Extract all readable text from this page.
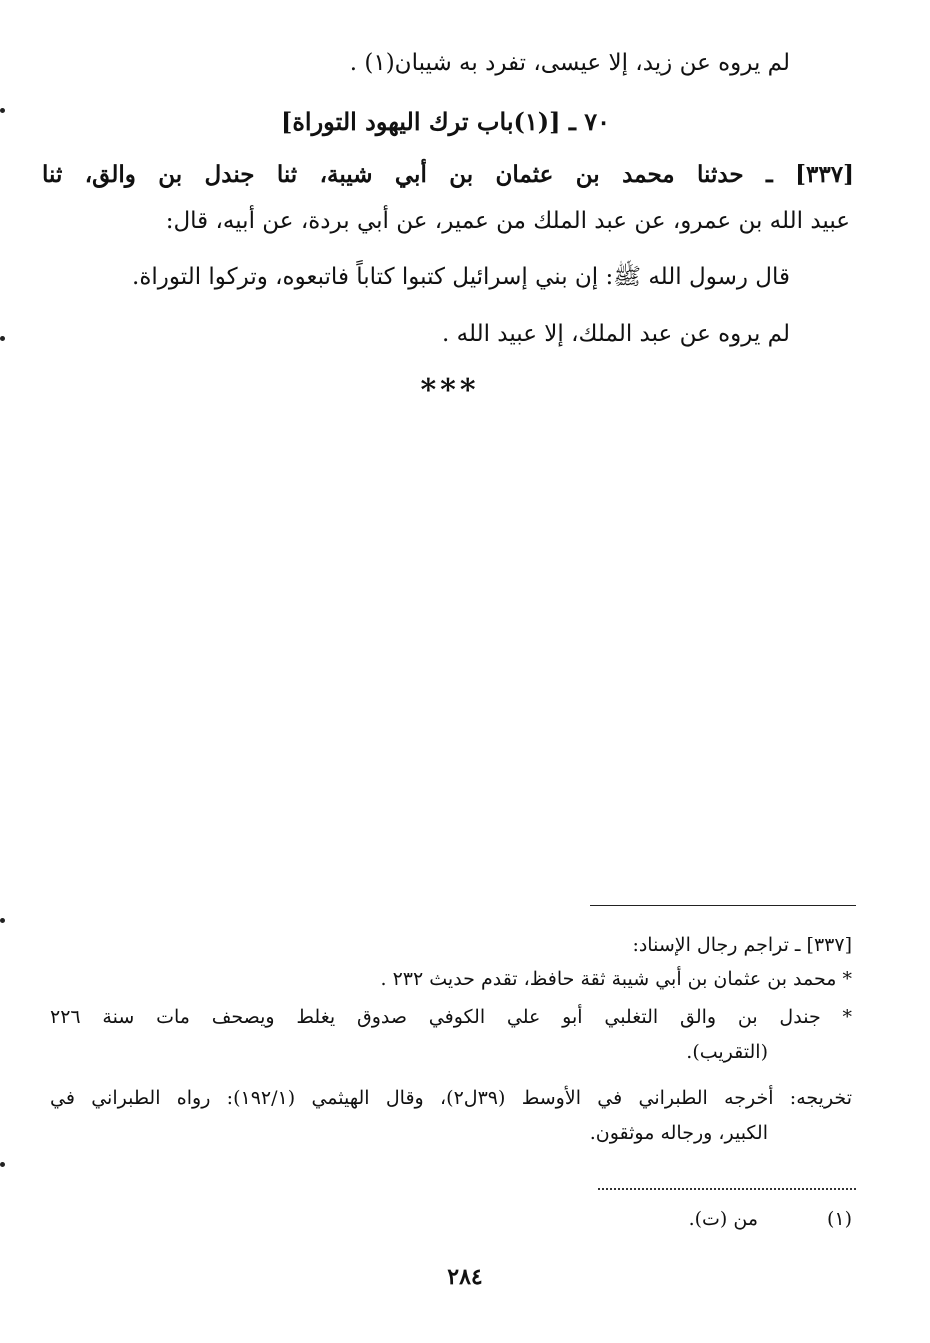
لم يروه عن زيد، إلا عيسى، تفرد به شيبان(١) .
٧٠ ـ [(١)باب ترك اليهود التوراة]
[٣٣٧] ـ حدثنا محمد بن عثمان بن أبي شيبة، ثنا جندل بن والق، ثنا
عبيد الله بن عمرو، عن عبد الملك من عمير، عن أبي بردة، عن أبيه، قال:
قال رسول الله ﷺ: إن بني إسرائيل كتبوا كتاباً فاتبعوه، وتركوا التوراة.
لم يروه عن عبد الملك، إلا عبيد الله .
***
[٣٣٧] ـ تراجم رجال الإسناد:
* محمد بن عثمان بن أبي شيبة ثقة حافظ، تقدم حديث ٢٣٢ .
* جندل بن والق التغلبي أبو علي الكوفي صدوق يغلط ويصحف مات سنة ٢٢٦
(التقريب).
تخريجه: أخرجه الطبراني في الأوسط (٣٩ل٢)، وقال الهيثمي (١٩٢/١): رواه الطبراني في
الكبير، ورجاله موثقون.
(١)
من (ت).
٢٨٤
